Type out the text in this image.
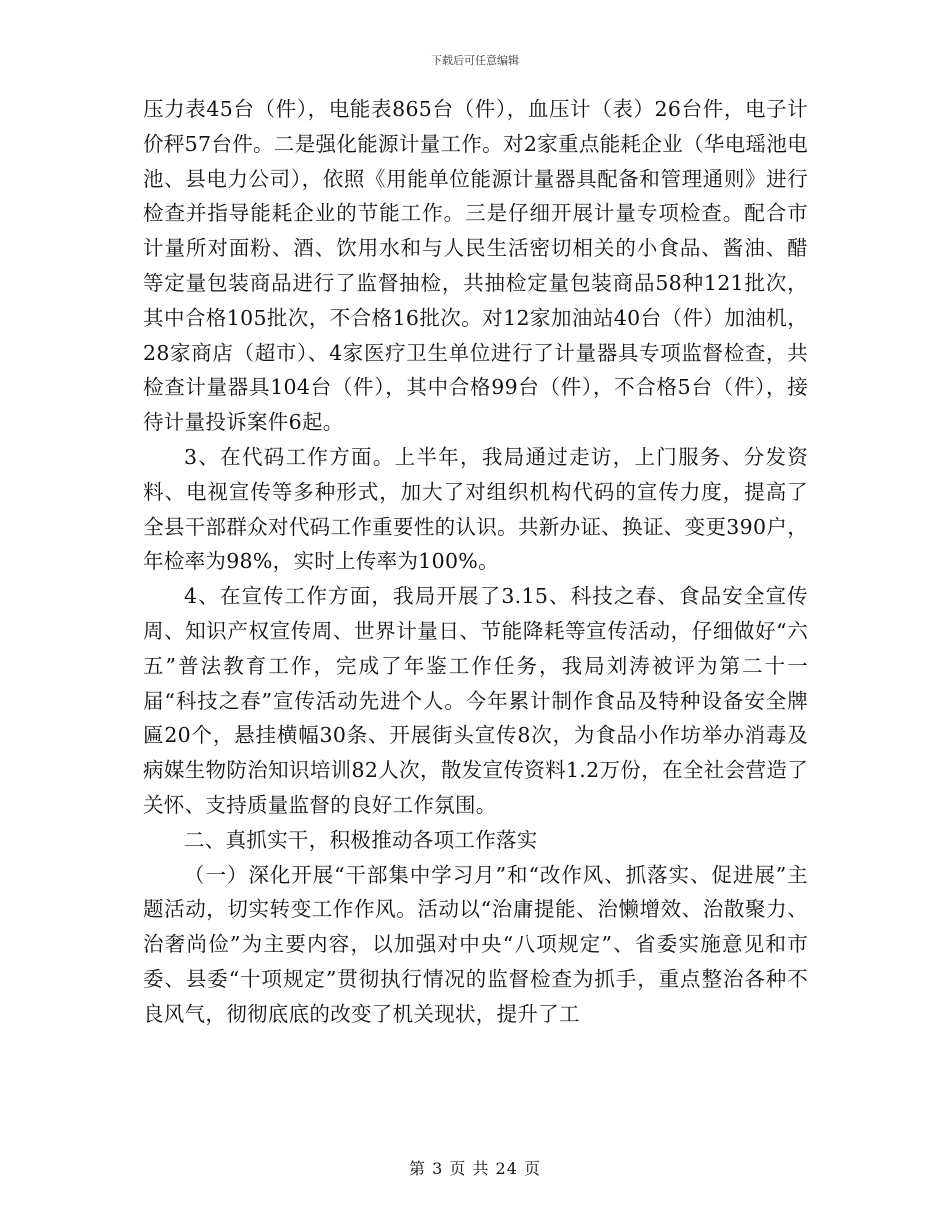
下载后可任意编辑

压力表45台（件），电能表865台（件），血压计（表）26台件，电子计价秤57台件。二是强化能源计量工作。对2家重点能耗企业（华电瑶池电池、县电力公司），依照《用能单位能源计量器具配备和管理通则》进行检查并指导能耗企业的节能工作。三是仔细开展计量专项检查。配合市计量所对面粉、酒、饮用水和与人民生活密切相关的小食品、酱油、醋等定量包装商品进行了监督抽检，共抽检定量包装商品58种121批次，其中合格105批次，不合格16批次。对12家加油站40台（件）加油机，28家商店（超市）、4家医疗卫生单位进行了计量器具专项监督检查，共检查计量器具104台（件），其中合格99台（件），不合格5台（件），接待计量投诉案件6起。

3、在代码工作方面。上半年，我局通过走访，上门服务、分发资料、电视宣传等多种形式，加大了对组织机构代码的宣传力度，提高了全县干部群众对代码工作重要性的认识。共新办证、换证、变更390户，年检率为98%，实时上传率为100%。

4、在宣传工作方面，我局开展了3.15、科技之春、食品安全宣传周、知识产权宣传周、世界计量日、节能降耗等宣传活动，仔细做好“六五”普法教育工作，完成了年鉴工作任务，我局刘涛被评为第二十一届“科技之春”宣传活动先进个人。今年累计制作食品及特种设备安全牌匾20个，悬挂横幅30条、开展街头宣传8次，为食品小作坊举办消毒及病媒生物防治知识培训82人次，散发宣传资料1.2万份，在全社会营造了关怀、支持质量监督的良好工作氛围。

二、真抓实干，积极推动各项工作落实

（一）深化开展“干部集中学习月”和“改作风、抓落实、促进展”主题活动，切实转变工作作风。活动以“治庸提能、治懒增效、治散聚力、治奢尚俭”为主要内容，以加强对中央“八项规定”、省委实施意见和市委、县委“十项规定”贯彻执行情况的监督检查为抓手，重点整治各种不良风气，彻彻底底的改变了机关现状，提升了工

第 3 页 共 24 页
